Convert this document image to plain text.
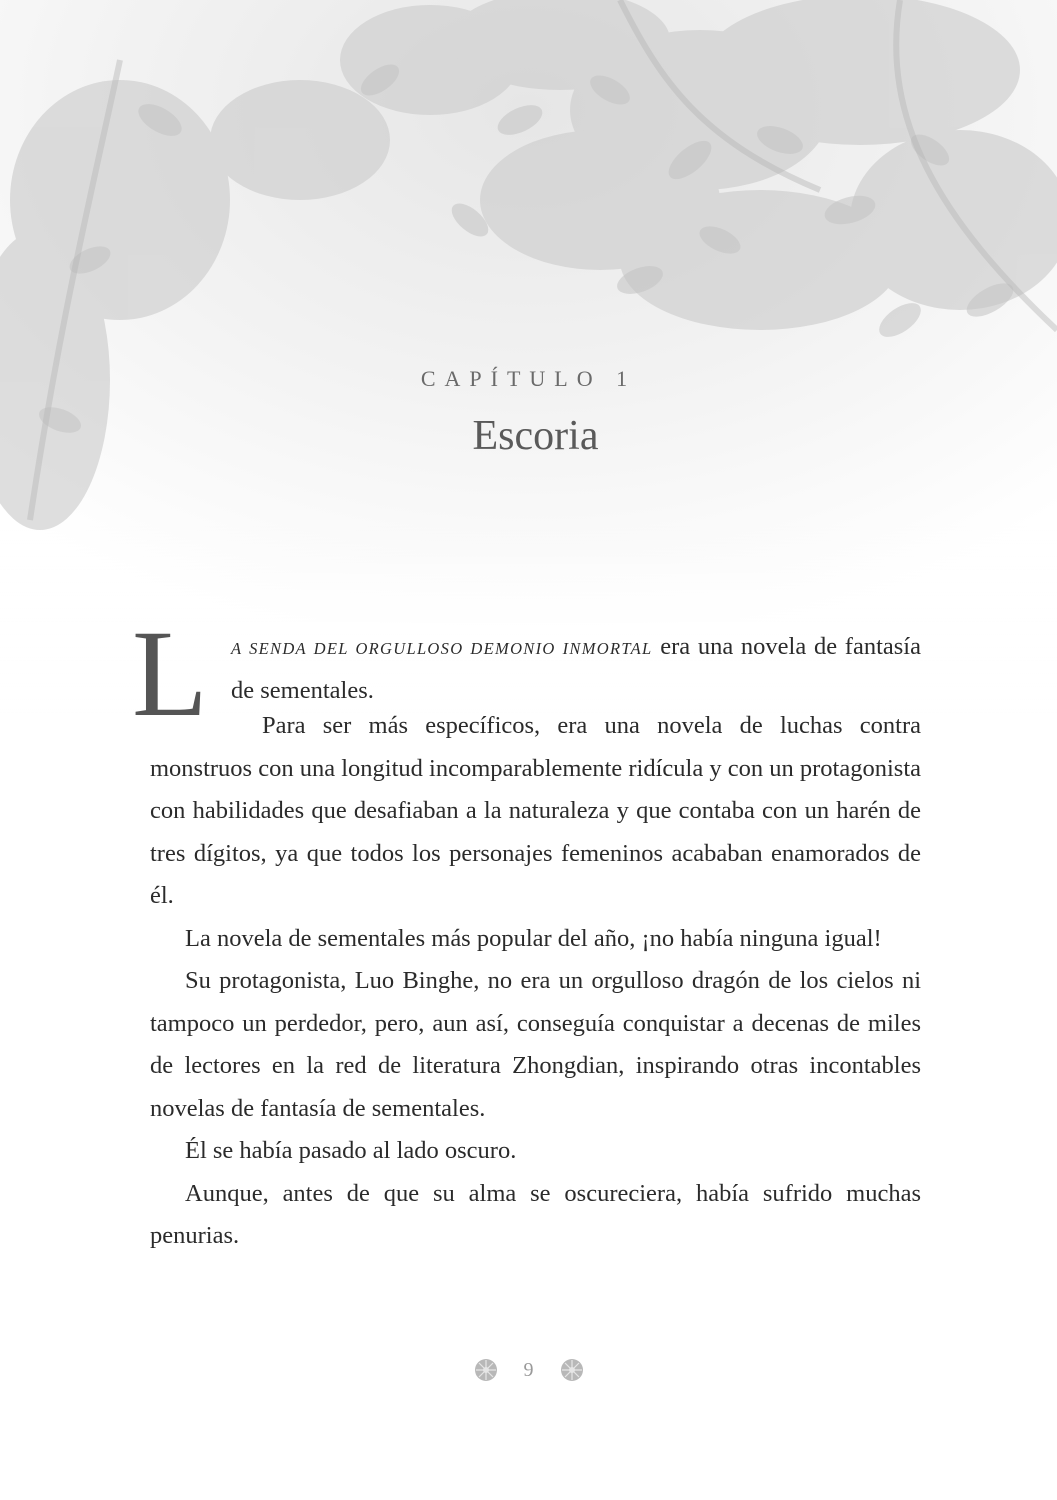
CAPÍTULO 1
Escoria
L A SENDA DEL ORGULLOSO DEMONIO INMORTAL era una novela de fantasía de sementales.

Para ser más específicos, era una novela de luchas contra monstruos con una longitud incomparablemente ridícula y con un protagonista con habilidades que desafiaban a la naturaleza y que contaba con un harén de tres dígitos, ya que todos los personajes femeninos acababan enamorados de él.

La novela de sementales más popular del año, ¡no había ninguna igual!

Su protagonista, Luo Binghe, no era un orgulloso dragón de los cielos ni tampoco un perdedor, pero, aun así, conseguía conquistar a decenas de miles de lectores en la red de literatura Zhongdian, inspirando otras incontables novelas de fantasía de sementales.

Él se había pasado al lado oscuro.

Aunque, antes de que su alma se oscureciera, había sufrido muchas penurias.

9
